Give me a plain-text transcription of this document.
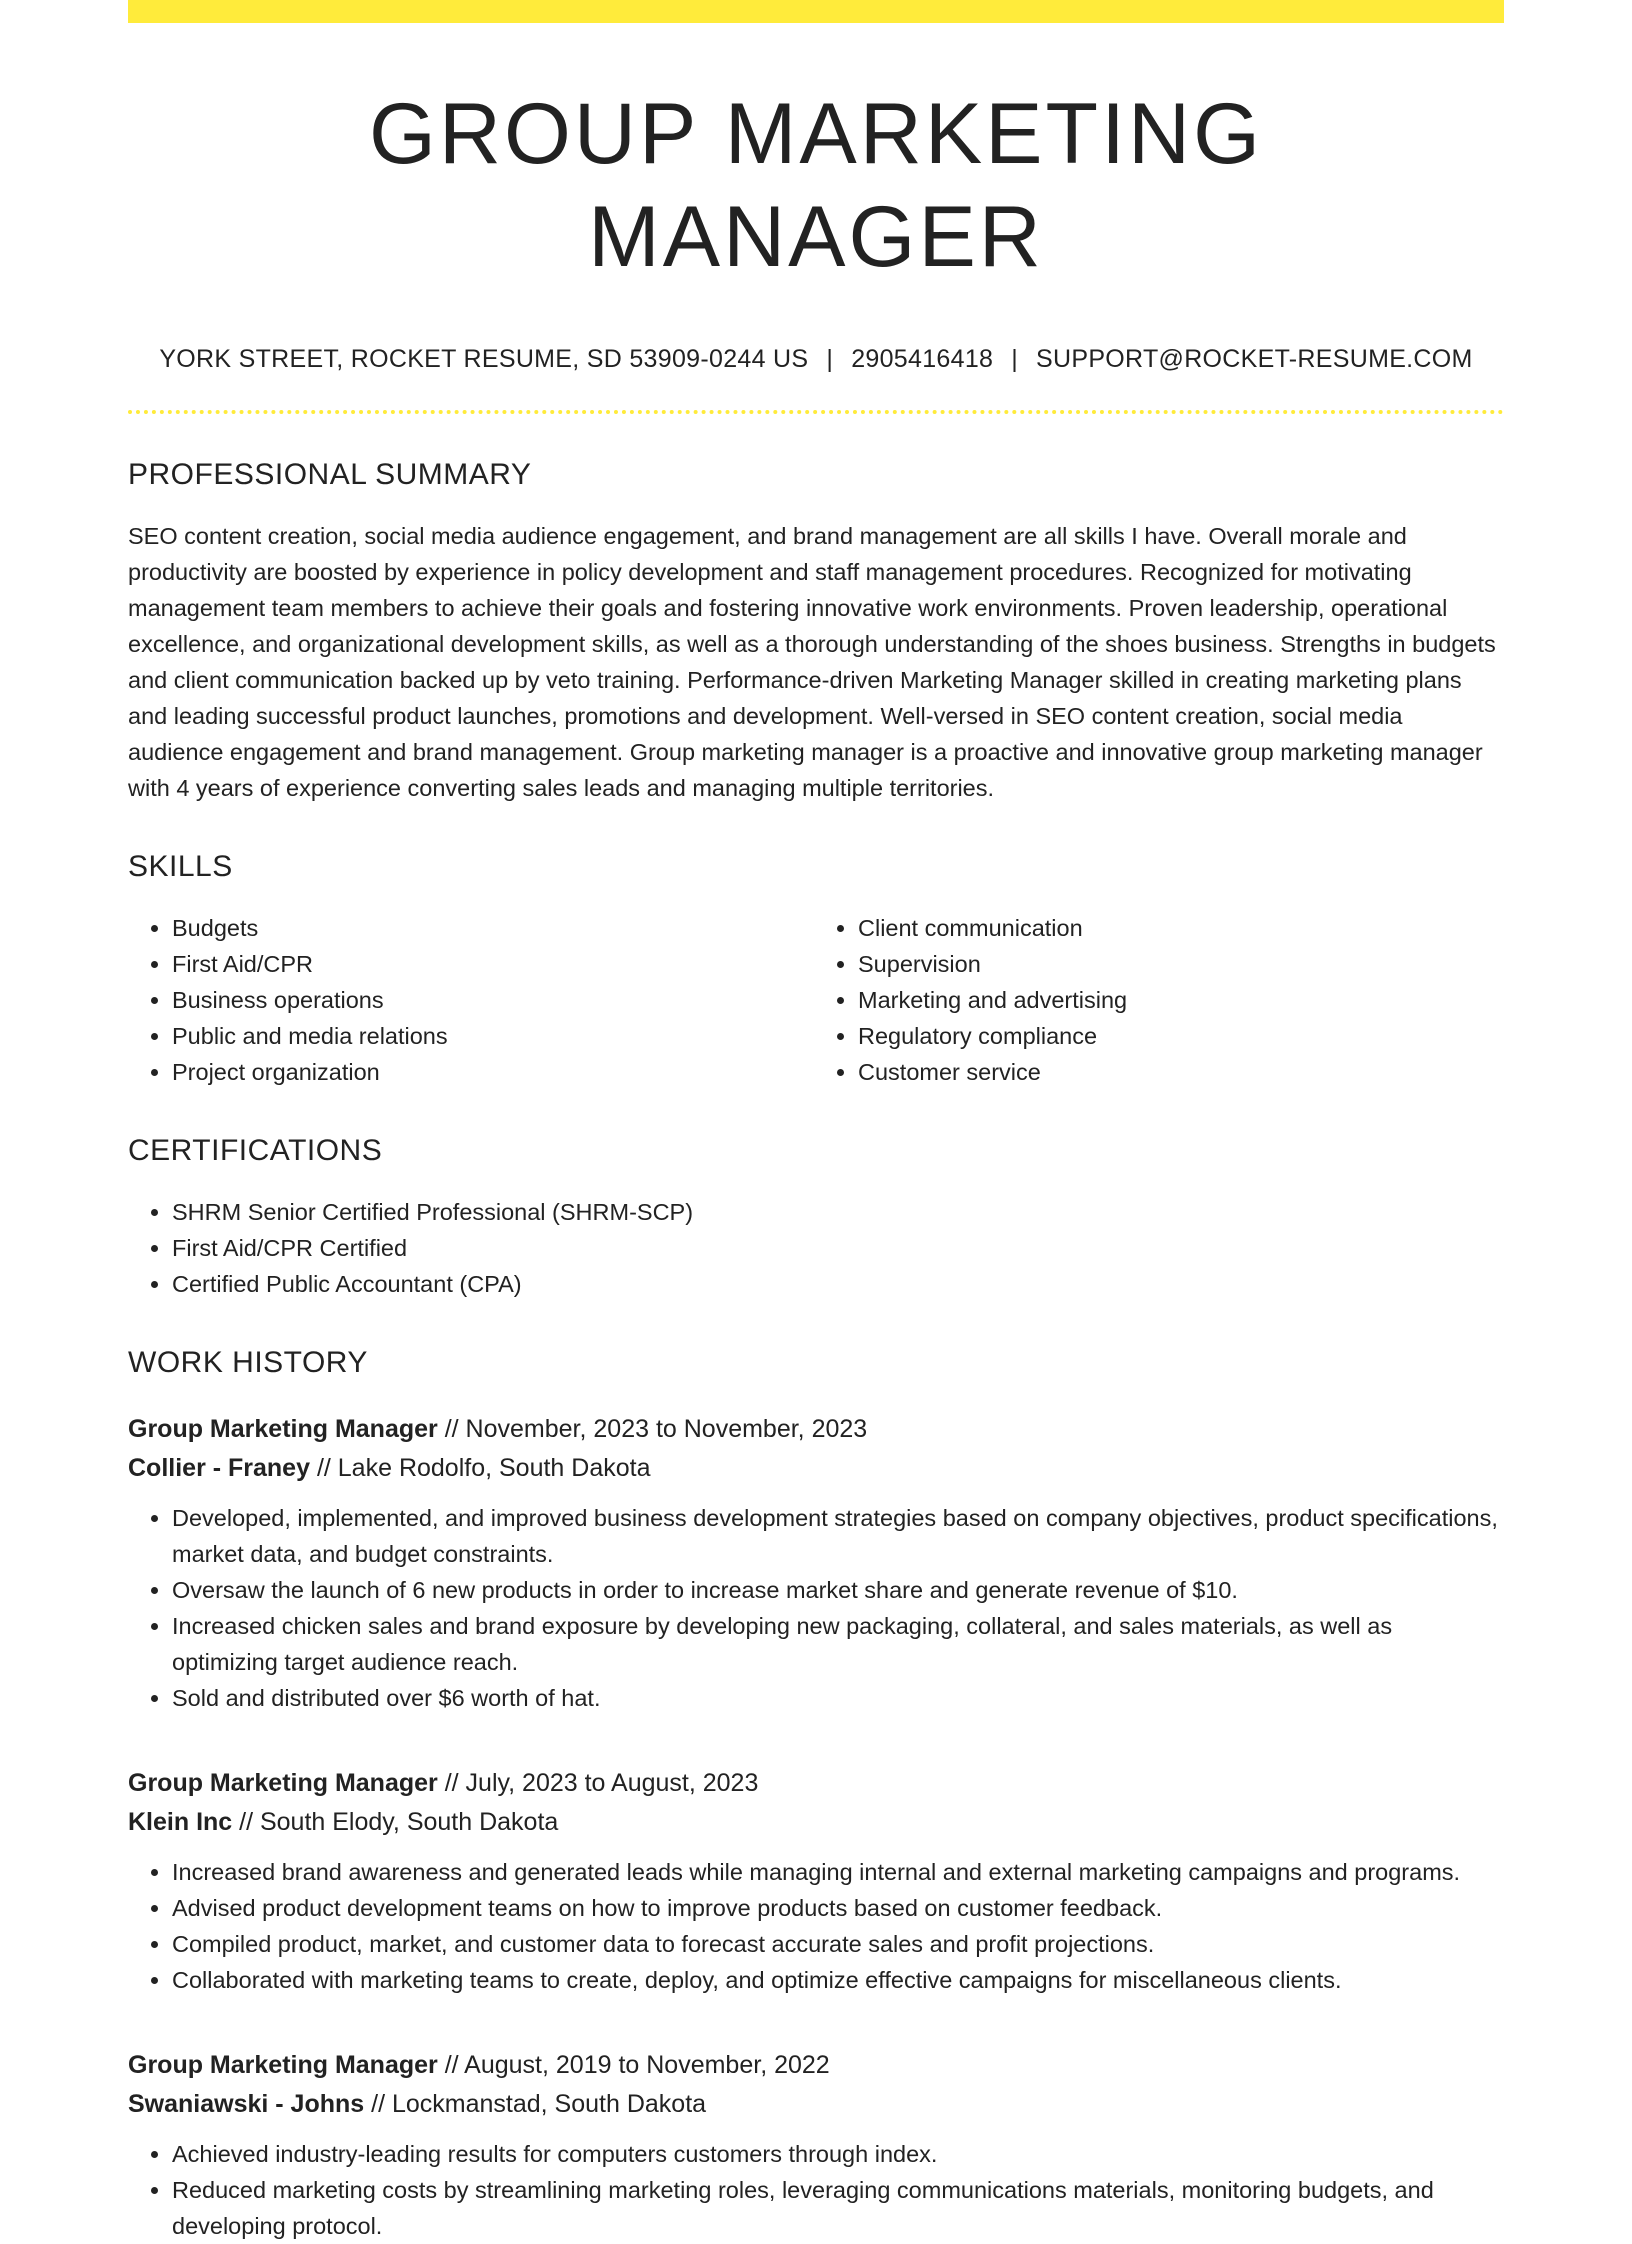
GROUP MARKETING MANAGER
YORK STREET, ROCKET RESUME, SD 53909-0244 US | 2905416418 | SUPPORT@ROCKET-RESUME.COM
PROFESSIONAL SUMMARY
SEO content creation, social media audience engagement, and brand management are all skills I have. Overall morale and productivity are boosted by experience in policy development and staff management procedures. Recognized for motivating management team members to achieve their goals and fostering innovative work environments. Proven leadership, operational excellence, and organizational development skills, as well as a thorough understanding of the shoes business. Strengths in budgets and client communication backed up by veto training. Performance-driven Marketing Manager skilled in creating marketing plans and leading successful product launches, promotions and development. Well-versed in SEO content creation, social media audience engagement and brand management. Group marketing manager is a proactive and innovative group marketing manager with 4 years of experience converting sales leads and managing multiple territories.
SKILLS
• Budgets
• First Aid/CPR
• Business operations
• Public and media relations
• Project organization
• Client communication
• Supervision
• Marketing and advertising
• Regulatory compliance
• Customer service
CERTIFICATIONS
• SHRM Senior Certified Professional (SHRM-SCP)
• First Aid/CPR Certified
• Certified Public Accountant (CPA)
WORK HISTORY
Group Marketing Manager // November, 2023 to November, 2023
Collier - Franey // Lake Rodolfo, South Dakota
• Developed, implemented, and improved business development strategies based on company objectives, product specifications, market data, and budget constraints.
• Oversaw the launch of 6 new products in order to increase market share and generate revenue of $10.
• Increased chicken sales and brand exposure by developing new packaging, collateral, and sales materials, as well as optimizing target audience reach.
• Sold and distributed over $6 worth of hat.
Group Marketing Manager // July, 2023 to August, 2023
Klein Inc // South Elody, South Dakota
• Increased brand awareness and generated leads while managing internal and external marketing campaigns and programs.
• Advised product development teams on how to improve products based on customer feedback.
• Compiled product, market, and customer data to forecast accurate sales and profit projections.
• Collaborated with marketing teams to create, deploy, and optimize effective campaigns for miscellaneous clients.
Group Marketing Manager // August, 2019 to November, 2022
Swaniawski - Johns // Lockmanstad, South Dakota
• Achieved industry-leading results for computers customers through index.
• Reduced marketing costs by streamlining marketing roles, leveraging communications materials, monitoring budgets, and developing protocol.
